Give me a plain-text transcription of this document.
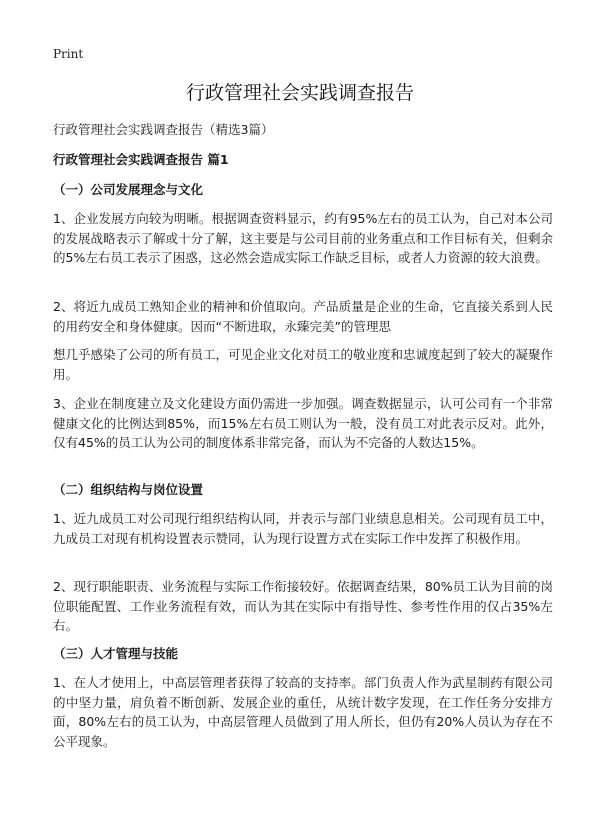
Print
行政管理社会实践调查报告
行政管理社会实践调查报告（精选3篇）
行政管理社会实践调查报告 篇1
（一）公司发展理念与文化
1、企业发展方向较为明晰。根据调查资料显示，约有95%左右的员工认为，自己对本公司的发展战略表示了解或十分了解，这主要是与公司目前的业务重点和工作目标有关，但剩余的5%左右员工表示了困惑，这必然会造成实际工作缺乏目标，或者人力资源的较大浪费。
2、将近九成员工熟知企业的精神和价值取向。产品质量是企业的生命，它直接关系到人民的用药安全和身体健康。因而“不断进取，永臻完美”的管理思
想几乎感染了公司的所有员工，可见企业文化对员工的敬业度和忠诚度起到了较大的凝聚作用。
3、企业在制度建立及文化建设方面仍需进一步加强。调查数据显示，认可公司有一个非常健康文化的比例达到85%，而15%左右员工则认为一般，没有员工对此表示反对。此外，仅有45%的员工认为公司的制度体系非常完备，而认为不完备的人数达15%。
（二）组织结构与岗位设置
1、近九成员工对公司现行组织结构认同，并表示与部门业绩息息相关。公司现有员工中，九成员工对现有机构设置表示赞同，认为现行设置方式在实际工作中发挥了积极作用。
2、现行职能职责、业务流程与实际工作衔接较好。依据调查结果，80%员工认为目前的岗位职能配置、工作业务流程有效，而认为其在实际中有指导性、参考性作用的仅占35%左右。
（三）人才管理与技能
1、在人才使用上，中高层管理者获得了较高的支持率。部门负责人作为武星制药有限公司的中坚力量，肩负着不断创新、发展企业的重任，从统计数字发现，在工作任务分安排方面，80%左右的员工认为，中高层管理人员做到了用人所长，但仍有20%人员认为存在不公平现象。
